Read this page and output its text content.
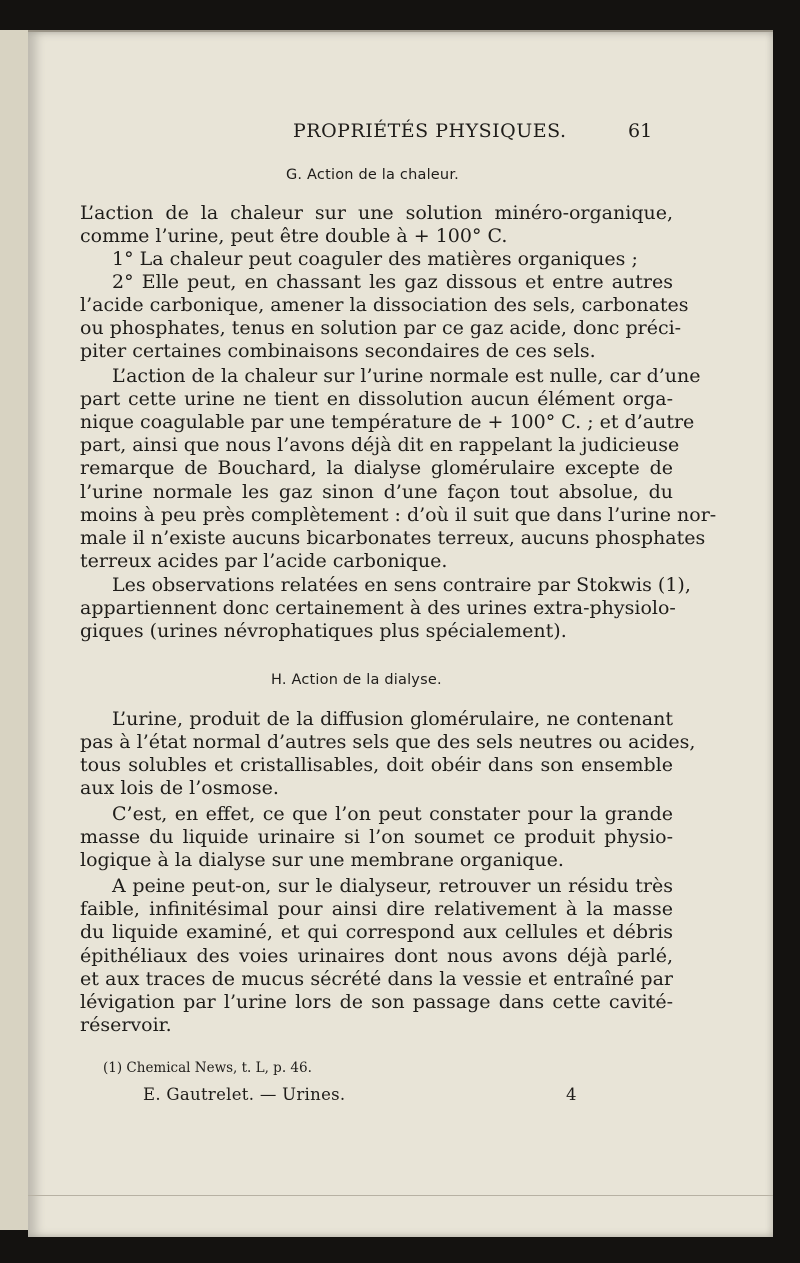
PROPRIÉTÉS PHYSIQUES.	61
G. Action de la chaleur.
L’action de la chaleur sur une solution minéro-organique,
comme l’urine, peut être double à + 100° C.
1° La chaleur peut coaguler des matières organiques ;
2° Elle peut, en chassant les gaz dissous et entre autres
l’acide carbonique, amener la dissociation des sels, carbonates
ou phosphates, tenus en solution par ce gaz acide, donc préci-
piter certaines combinaisons secondaires de ces sels.
L’action de la chaleur sur l’urine normale est nulle, car d’une
part cette urine ne tient en dissolution aucun élément orga-
nique coagulable par une température de + 100° C. ; et d’autre
part, ainsi que nous l’avons déjà dit en rappelant la judicieuse
remarque de Bouchard, la dialyse glomérulaire excepte de
l’urine normale les gaz sinon d’une façon tout absolue, du
moins à peu près complètement : d’où il suit que dans l’urine nor-
male il n’existe aucuns bicarbonates terreux, aucuns phosphates
terreux acides par l’acide carbonique.
Les observations relatées en sens contraire par Stokwis (1),
appartiennent donc certainement à des urines extra-physiolo-
giques (urines névrophatiques plus spécialement).
H. Action de la dialyse.
L’urine, produit de la diffusion glomérulaire, ne contenant
pas à l’état normal d’autres sels que des sels neutres ou acides,
tous solubles et cristallisables, doit obéir dans son ensemble
aux lois de l’osmose.
C’est, en effet, ce que l’on peut constater pour la grande
masse du liquide urinaire si l’on soumet ce produit physio-
logique à la dialyse sur une membrane organique.
A peine peut-on, sur le dialyseur, retrouver un résidu très
faible, infinitésimal pour ainsi dire relativement à la masse
du liquide examiné, et qui correspond aux cellules et débris
épithéliaux des voies urinaires dont nous avons déjà parlé,
et aux traces de mucus sécrété dans la vessie et entraîné par
lévigation par l’urine lors de son passage dans cette cavité-
réservoir.
(1) Chemical News, t. L, p. 46.
E. Gautrelet. — Urines.	4
